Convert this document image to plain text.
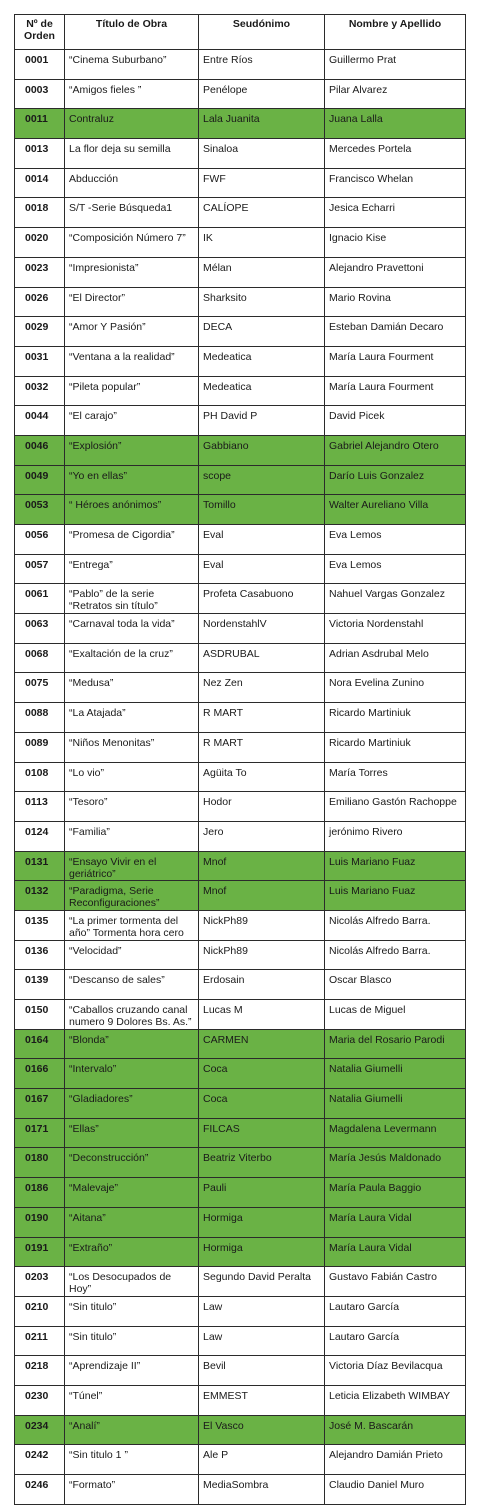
Nº de Orden	Título de Obra	Seudónimo	Nombre y Apellido
0001	“Cinema Suburbano”	Entre Ríos	Guillermo Prat
0003	“Amigos fieles ”	Penélope	Pilar Alvarez
0011	Contraluz	Lala Juanita	Juana Lalla
0013	La flor deja su semilla	Sinaloa	Mercedes Portela
0014	Abducción	FWF	Francisco Whelan
0018	S/T -Serie Búsqueda1	CALÍOPE	Jesica Echarri
0020	“Composición Número 7”	IK	Ignacio Kise
0023	“Impresionista”	Mélan	Alejandro Pravettoni
0026	“El Director”	Sharksito	Mario Rovina
0029	“Amor Y Pasión”	DECA	Esteban Damián Decaro
0031	“Ventana a la realidad”	Medeatica	María Laura Fourment
0032	“Pileta popular”	Medeatica	María Laura Fourment
0044	“El carajo”	PH David P	David Picek
0046	“Explosión”	Gabbiano	Gabriel Alejandro Otero
0049	“Yo en ellas”	scope	Darío Luis Gonzalez
0053	“ Héroes anónimos”	Tomillo	Walter Aureliano Villa
0056	“Promesa de Cigordia”	Eval	Eva Lemos
0057	“Entrega”	Eval	Eva Lemos
0061	“Pablo” de la serie “Retratos sin título”	Profeta Casabuono	Nahuel Vargas Gonzalez
0063	“Carnaval toda la vida”	NordenstahlV	Victoria Nordenstahl
0068	“Exaltación de la cruz”	ASDRUBAL	Adrian Asdrubal Melo
0075	“Medusa”	Nez Zen	Nora Evelina Zunino
0088	“La Atajada”	R MART	Ricardo Martiniuk
0089	“Niños Menonitas”	R MART	Ricardo Martiniuk
0108	“Lo vio”	Agüita To	María Torres
0113	“Tesoro”	Hodor	Emiliano Gastón Rachoppe
0124	“Familia”	Jero	jerónimo Rivero
0131	“Ensayo Vivir en el geriátrico”	Mnof	Luis Mariano Fuaz
0132	“Paradigma, Serie Reconfiguraciones”	Mnof	Luis Mariano Fuaz
0135	“La primer tormenta del año” Tormenta hora cero	NickPh89	Nicolás Alfredo Barra.
0136	“Velocidad”	NickPh89	Nicolás Alfredo Barra.
0139	“Descanso de sales”	Erdosain	Oscar Blasco
0150	“Caballos cruzando canal numero 9 Dolores Bs. As.”	Lucas M	Lucas de Miguel
0164	“Blonda”	CARMEN	Maria del Rosario Parodi
0166	“Intervalo”	Coca	Natalia Giumelli
0167	“Gladiadores”	Coca	Natalia Giumelli
0171	“Ellas”	FILCAS	Magdalena Levermann
0180	“Deconstrucción”	Beatriz Viterbo	María Jesús Maldonado
0186	“Malevaje”	Pauli	María Paula Baggio
0190	“Aitana”	Hormiga	María Laura Vidal
0191	“Extraño”	Hormiga	María Laura Vidal
0203	“Los Desocupados de Hoy”	Segundo David Peralta	Gustavo Fabián Castro
0210	“Sin titulo”	Law	Lautaro García
0211	“Sin titulo”	Law	Lautaro García
0218	“Aprendizaje II”	Bevil	Victoria Díaz Bevilacqua
0230	“Túnel”	EMMEST	Leticia Elizabeth WIMBAY
0234	“Analí”	El Vasco	José M. Bascarán
0242	“Sin titulo 1 ”	Ale P	Alejandro Damián Prieto
0246	“Formato”	MediaSombra	Claudio Daniel Muro
